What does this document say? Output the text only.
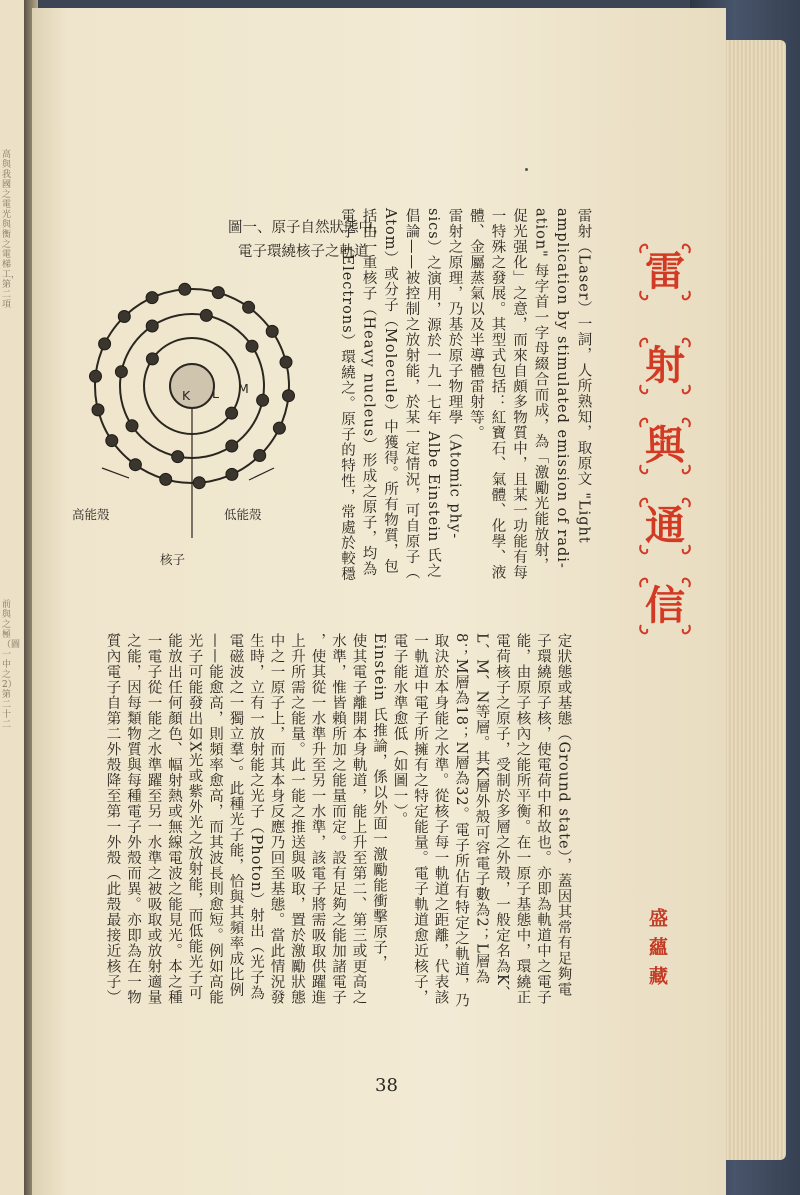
高與我國之電光與衡之電梯工，第二項
前與之極（圖一中之2）第二十二
盛蘊藏
雷射（Laser）一詞，人所熟知，取原文 "Light
amplication by stimulated emission of radi-
ation" 每字首一字母綴合而成，為「激勵光能放射，
促光强化」之意，而來自頗多物質中，且某一功能有每
一特殊之發展。其型式包括：紅寶石、氣體、化學、液
體、金屬蒸氣以及半導體雷射等。
雷射之原理，乃基於原子物理學（Atomic phy-
sics）之演用，源於一九一七年 Albe Einstein 氏之
倡論——被控制之放射能，於某一定情況，可自原子（
Atom）或分子（Molecule）中獲得。所有物質，包
括由一重核子（Heavy nucleus）形成之原子，均為
電子（Electrons）環繞之。原子的特性，常處於較穩
定狀態或基態（Ground state），蓋因其常有足夠電
子環繞原子核，使電荷中和故也。亦即為軌道中之電子
能，由原子核內之能所平衡。在一原子基態中，環繞正
電荷核子之原子，受制於多層之外殼，一般定名為K、
L、M、N等層。其K層外殼可容電子數為2；L層為
8；M層為18；N層為32。電子所佔有特定之軌道，乃
取決於本身能之水準。從核子每一軌道之距離，代表該
一軌道中電子所擁有之特定能量。電子軌道愈近核子，
電子能水準愈低（如圖一）。
Einstein 氏推論，係以外面一激勵能衝擊原子，
使其電子離開本身軌道，能上升至第二、第三或更高之
水準，惟皆賴所加之能量而定。設有足夠之能加諸電子
，使其從一水準升至另一水準，該電子將需吸取供躍進
上升所需之能量。此一能之推送與吸取，置於激勵狀態
中之一原子上，而其本身反應乃回至基態。當此情況發
生時，立有一放射能之光子（Photon）射出（光子為
電磁波之一獨立羣）。此種光子能，恰與其頻率成比例
——能愈高，則頻率愈高，而其波長則愈短。例如高能
光子可能發出如X光或紫外光之放射能，而低能光子可
能放出任何顏色、幅射熱或無線電波之能見光。本之種
一電子從一能之水準躍至另一水準之被吸取或放射適量
之能，因每類物質與每種電子外殼而異。亦即為在一物
質內電子自第二外殼降至第一外殼（此殼最接近核子）
圖一、原子自然狀態中，
電子環繞核子之軌道
K L M
高能殼	低能殼
核子
38
雷
射
與
通
信
